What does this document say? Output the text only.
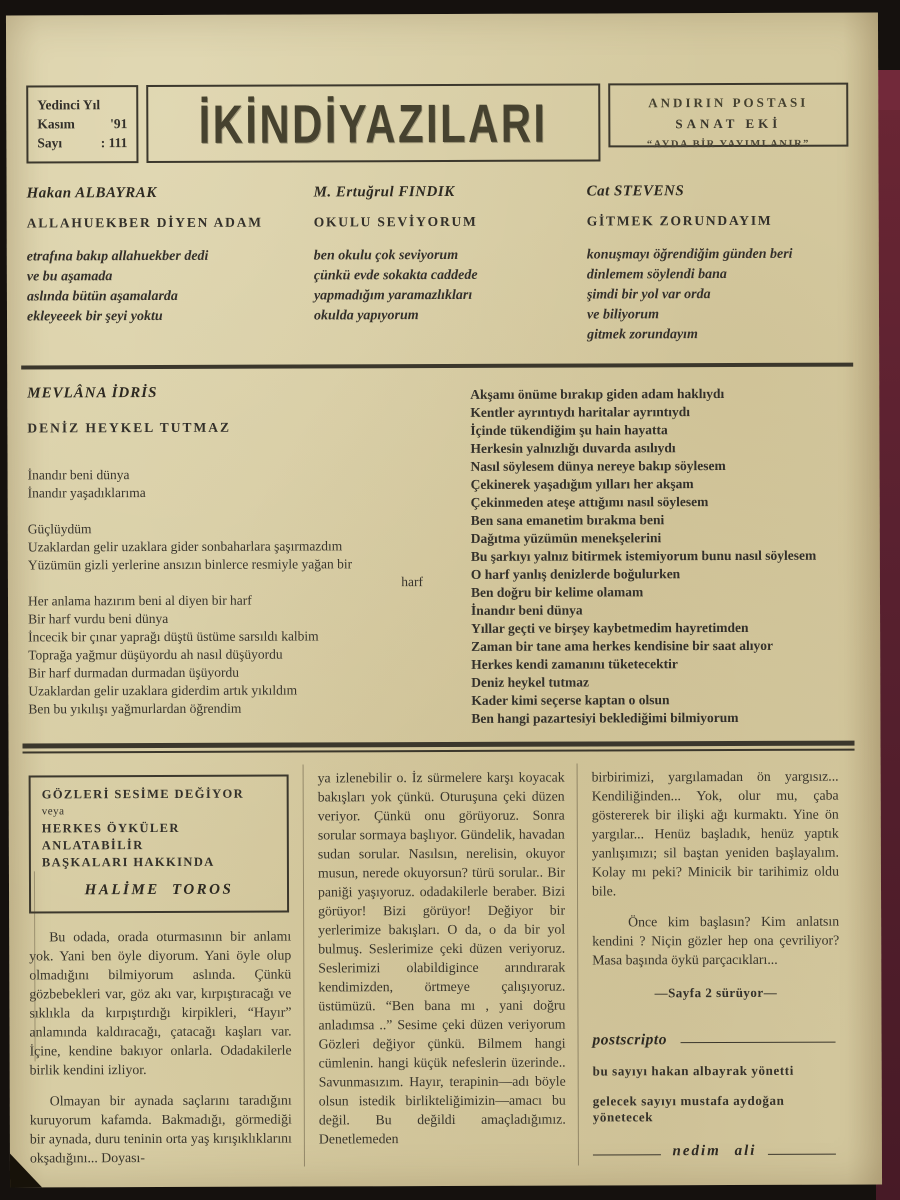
Yedinci Yıl
Kasım	'91
Sayı	: 111 İKİNDİYAZILARI	ANDIRIN POSTASI
SANAT EKİ
“AYDA BİR YAYIMLANIR”
Hakan ALBAYRAK
ALLAHUEKBER DİYEN ADAM
etrafına bakıp allahuekber dedi
ve bu aşamada
aslında bütün aşamalarda
ekleyeeek bir şeyi yoktu
M. Ertuğrul FINDIK
OKULU SEVİYORUM
ben okulu çok seviyorum
çünkü evde sokakta caddede
yapmadığım yaramazlıkları
okulda yapıyorum
Cat STEVENS
GİTMEK ZORUNDAYIM
konuşmayı öğrendiğim günden beri
dinlemem söylendi bana
şimdi bir yol var orda
ve biliyorum
gitmek zorundayım
MEVLÂNA İDRİS
DENİZ HEYKEL TUTMAZ
İnandır beni dünya
İnandır yaşadıklarıma
Güçlüydüm
Uzaklardan gelir uzaklara gider sonbaharlara şaşırmazdım
Yüzümün gizli yerlerine ansızın binlerce resmiyle yağan bir
harf
Her anlama hazırım beni al diyen bir harf
Bir harf vurdu beni dünya
İncecik bir çınar yaprağı düştü üstüme sarsıldı kalbim
Toprağa yağmur düşüyordu ah nasıl düşüyordu
Bir harf durmadan durmadan üşüyordu
Uzaklardan gelir uzaklara giderdim artık yıkıldım
Ben bu yıkılışı yağmurlardan öğrendim
Akşamı önüme bırakıp giden adam haklıydı
Kentler ayrıntıydı haritalar ayrıntıydı
İçinde tükendiğim şu hain hayatta
Herkesin yalnızlığı duvarda asılıydı
Nasıl söylesem dünya nereye bakıp söylesem
Çekinerek yaşadığım yılları her akşam
Çekinmeden ateşe attığımı nasıl söylesem
Ben sana emanetim bırakma beni
Dağıtma yüzümün menekşelerini
Bu şarkıyı yalnız bitirmek istemiyorum bunu nasıl söylesem
O harf yanlış denizlerde boğulurken
Ben doğru bir kelime olamam
İnandır beni dünya
Yıllar geçti ve birşey kaybetmedim hayretimden
Zaman bir tane ama herkes kendisine bir saat alıyor
Herkes kendi zamanını tüketecektir
Deniz heykel tutmaz
Kader kimi seçerse kaptan o olsun
Ben hangi pazartesiyi beklediğimi bilmiyorum
GÖZLERİ SESİME DEĞİYOR
veya
HERKES ÖYKÜLER ANLATABİLİR
BAŞKALARI HAKKINDA
HALİME TOROS

Bu odada, orada oturmasının bir anlamı yok. Yani ben öyle diyorum. Yani öyle olup olmadığını bilmiyorum aslında. Çünkü gözbebekleri var, göz akı var, kırpıştıracağı ve sıklıkla da kırpıştırdığı kirpikleri, “Hayır” anlamında kaldıracağı, çatacağı kaşları var. İçine, kendine bakıyor onlarla. Odadakilerle birlik kendini izliyor.

Olmayan bir aynada saçlarını taradığını kuruyorum kafamda. Bakmadığı, görmediği bir aynada, duru teninin orta yaş kırışıklıklarını okşadığını... Doyası-

ya izlenebilir o. İz sürmelere karşı koyacak bakışları yok çünkü. Oturuşuna çeki düzen veriyor. Çünkü onu görüyoruz. Sonra sorular sormaya başlıyor. Gündelik, havadan sudan sorular. Nasılsın, nerelisin, okuyor musun, nerede okuyorsun? türü sorular.. Bir paniği yaşıyoruz. odadakilerle beraber. Bizi görüyor! Bizi görüyor! Değiyor bir yerlerimize bakışları. O da, o da bir yol bulmuş. Seslerimize çeki düzen veriyoruz. Seslerimizi olabildigince arındırarak kendimizden, örtmeye çalışıyoruz. üstümüzü. “Ben bana mı , yani doğru anladımsa ..” Sesime çeki düzen veriyorum Gözleri değiyor çünkü. Bilmem hangi cümlenin. hangi küçük nefeslerin üzerinde.. Savunmasızım. Hayır, terapinin—adı böyle olsun istedik birlikteliğimizin—amacı bu değil. Bu değildi amaçladığımız. Denetlemeden

birbirimizi, yargılamadan ön yargısız... Kendiliğinden... Yok, olur mu, çaba göstererek bir ilişki ağı kurmaktı. Yine ön yargılar... Henüz başladık, henüz yaptık yanlışımızı; sil baştan yeniden başlayalım. Kolay mı peki? Minicik bir tarihimiz oldu bile.

Önce kim başlasın? Kim anlatsın kendini ? Niçin gözler hep ona çevriliyor? Masa başında öykü parçacıkları...

—Sayfa 2 sürüyor—
postscripto
bu sayıyı hakan albayrak yönetti
gelecek sayıyı mustafa aydoğan yönetecek
nedim ali
